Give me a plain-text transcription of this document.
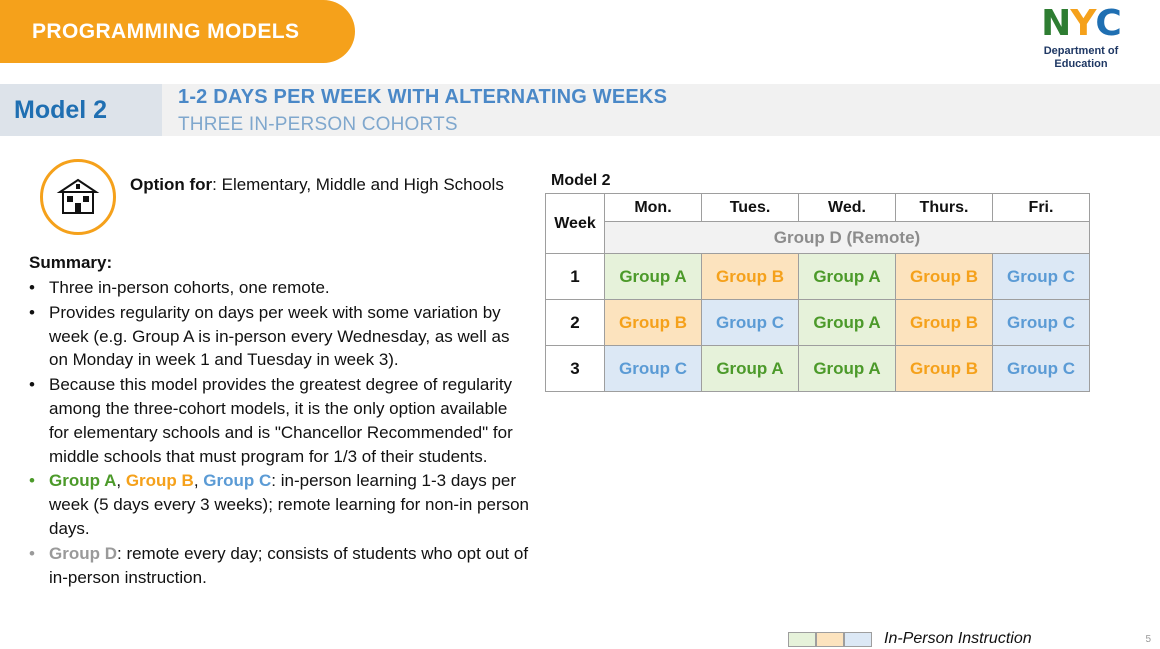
PROGRAMMING MODELS	N Y C
Department of
Education
Model 2	1-2 DAYS PER WEEK WITH ALTERNATING WEEKS
THREE IN-PERSON COHORTS
Option for: Elementary, Middle and High Schools
Summary:
• Three in-person cohorts, one remote.
• Provides regularity on days per week with some variation by week (e.g. Group A is in-person every Wednesday, as well as on Monday in week 1 and Tuesday in week 3).
• Because this model provides the greatest degree of regularity among the three-cohort models, it is the only option available for elementary schools and is "Chancellor Recommended" for middle schools that must program for 1/3 of their students.
• Group A, Group B, Group C: in-person learning 1-3 days per week (5 days every 3 weeks); remote learning for non-in person days.
• Group D: remote every day; consists of students who opt out of in-person instruction.
Model 2
Week	Mon.	Tues.	Wed.	Thurs.	Fri.
	Group D (Remote)				
1	Group A	Group B	Group A	Group B	Group C
2	Group B	Group C	Group A	Group B	Group C
3	Group C	Group A	Group A	Group B	Group C
In-Person Instruction	5
